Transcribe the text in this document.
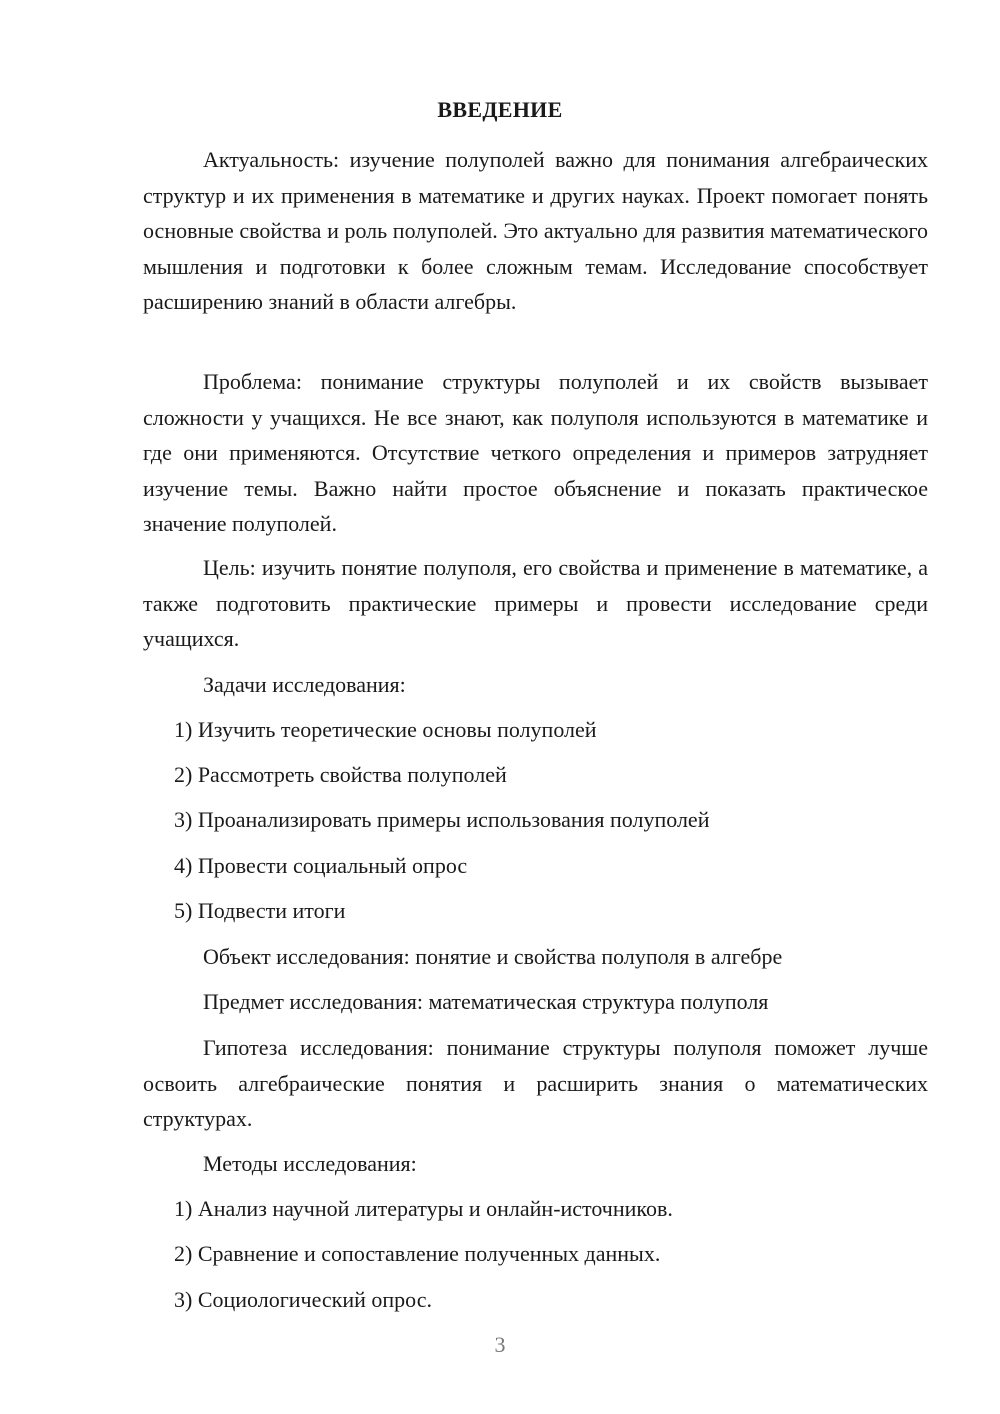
ВВЕДЕНИЕ

Актуальность: изучение полуполей важно для понимания алгебраических структур и их применения в математике и других науках. Проект помогает понять основные свойства и роль полуполей. Это актуально для развития математического мышления и подготовки к более сложным темам. Исследование способствует расширению знаний в области алгебры.

Проблема: понимание структуры полуполей и их свойств вызывает сложности у учащихся. Не все знают, как полуполя используются в математике и где они применяются. Отсутствие четкого определения и примеров затрудняет изучение темы. Важно найти простое объяснение и показать практическое значение полуполей.

Цель: изучить понятие полуполя, его свойства и применение в математике, а также подготовить практические примеры и провести исследование среди учащихся.

Задачи исследования:

1) Изучить теоретические основы полуполей

2) Рассмотреть свойства полуполей

3) Проанализировать примеры использования полуполей

4) Провести социальный опрос

5) Подвести итоги

Объект исследования: понятие и свойства полуполя в алгебре

Предмет исследования: математическая структура полуполя

Гипотеза исследования: понимание структуры полуполя поможет лучше освоить алгебраические понятия и расширить знания о математических структурах.

Методы исследования:

1) Анализ научной литературы и онлайн-источников.

2) Сравнение и сопоставление полученных данных.

3) Социологический опрос.

3
